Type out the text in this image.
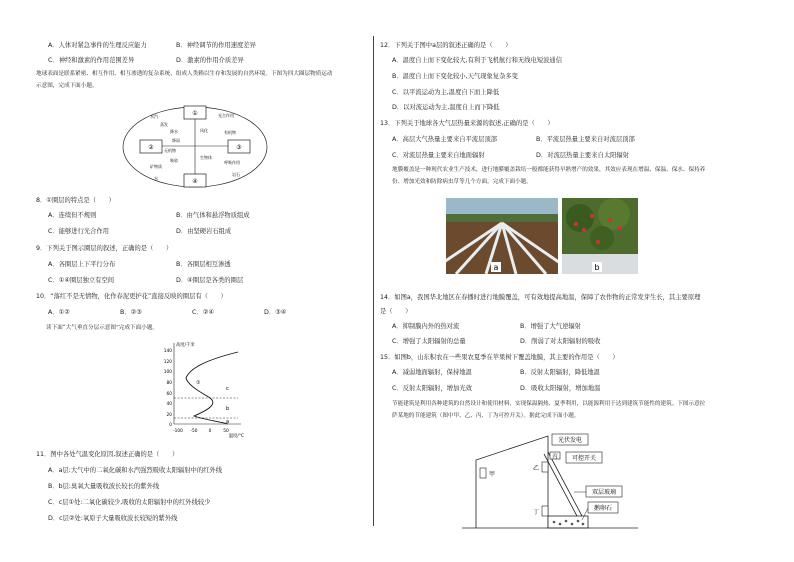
A．人体对紧急事件的生理反应能力	B．神经调节的作用速度差异
C．神经和激素的作用范围差异	D．激素的作用介质差异
地球表面是联系紧密、相互作用、相互渗透的复杂系统，组成人类赖以生存和发展的自然环境。下图为四大圈层物质运动示意图，完成下面小题。
①
②	③
④
水汽
蒸发
降水
光合作用
有机物
呼吸作用
吸收
矿物质
水
岩石
降雨
风化
无机物
生物体
8．①圈层的特点是（　　）
A．连续但不规则	B．由气体和悬浮物质组成
C．能够进行光合作用	D．由坚硬岩石组成
9．下列关于图示圈层的叙述，正确的是（　　）
A．各圈层上下平行分布	B．各圈层相互渗透
C．①④圈层独立有空间	D．④圈层是各类的圈层
10．“落红不是无情物，化作春泥更护花”直接反映的圈层有（　　）
A．①②	B．②③	C．②④	D．③④
读下面“大气垂直分层示意图”完成下面小题。
高度/千米
140
120
100
80
60
40
20
0
-100 -50	0	50
温度/°C
①
c
b
a
11．图中各处气温变化原因,叙述正确的是（　　）
A．a层:大气中的二氧化碳和水汽强烈吸收太阳辐射中的红外线
B．b层:臭氧大量吸收波长较长的紫外线
C．c层①处:二氧化碳较少,吸收的太阳辐射中的红外线较少
D．c层②处:氧原子大量吸收波长较短的紫外线
12．下列关于图中a层的叙述正确的是（　　）
A．温度自上而下变化较大,有利于飞机航行和无线电短波通信
B．温度自上而下变化较小,天气现象复杂多变
C．以平流运动为主,温度自下而上降低
D．以对流运动为主,温度自上而下降低
13．下列关于地球各大气层热量来源的叙述,正确的是（　　）
A．高层大气热量主要来自平流层顶部	B．平流层热量主要来自对流层顶部
C．对流层热量主要来自地面辐射	D．对流层热量主要来自太阳辐射
地膜覆盖是一种现代农业生产技术，进行地膜覆盖栽培一般都能获得早熟增产的效果，其效应表现在增温、保温、保水、保持养份、增加光效和防除病虫草等几个方面。完成下面小题。
a	b
14．如图a，我国华北地区在春播时进行地膜覆盖，可有效地提高地温，保障了农作物的正常发芽生长，其主要原理是（　　）
A．抑制膜内外的热对流	B．增强了大气逆辐射
C．增强了太阳辐射的总量	D．削弱了对太阳辐射的吸收
15．如图b，山东积农在一些果农夏季在苹果树下覆盖地膜，其主要的作用是（　　）
A．减弱地面辐射，保持地温	B．反射太阳辐射，降低地温
C．反射太阳辐射，增加光效	D．吸收太阳辐射，增加地温
节能建筑是利用各种建筑的自然设计和使用材料，实现保温隔热、夏季利用，以能源利用于达到建筑节能性的建筑。下图示意拉萨某地的节能建筑（图中甲、乙、丙、丁为可控开关）。据此完成下面小题。
光伏发电
丙 可控开关
乙
甲
双层玻璃
丁
鹅卵石
